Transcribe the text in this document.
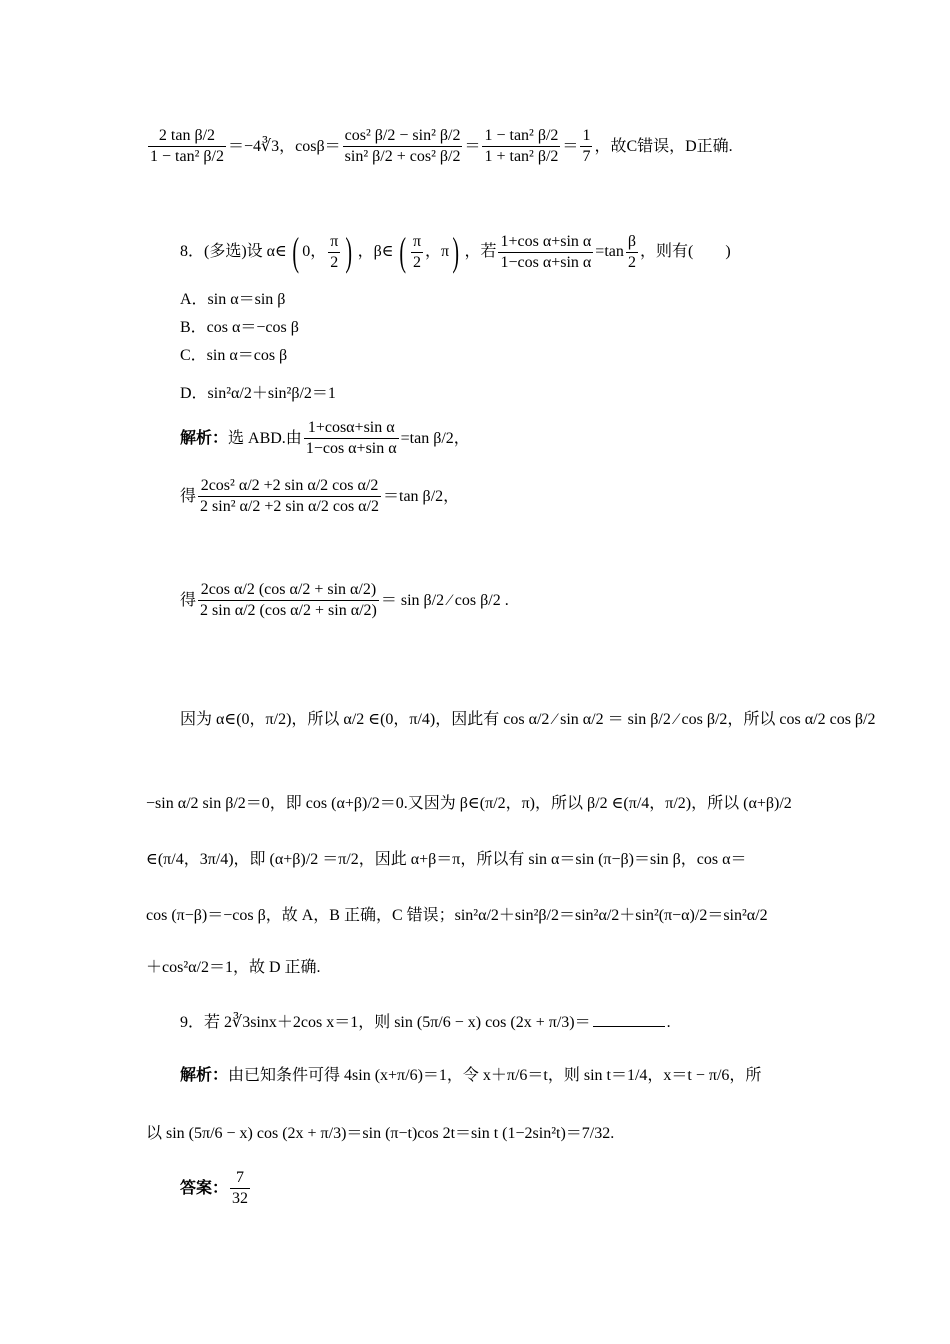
$\frac{\text{2 tan β/2}}{\text{1 − tan² β/2}}$ ＝−4∛3，$\cos\beta= \frac{\text{cos² β/2 − sin² β/2}}{\text{sin² β/2 + cos² β/2}} = \frac{\text{1 − tan² β/2}}{\text{1 + tan² β/2}} = \frac{1}{7}$ ，故C错误，D正确.
8．(多选)设 α∈ ( 0， $\frac{\pi}{2}$ ) ，β∈ ( $\frac{\pi}{2}$ ，π ) ，若 $\frac{\text{1+cos α+sin α}}{\text{1−cos α+sin α}} =\tan \frac{\beta}{2}$ ，则有(　　)
A．sin α＝sin β
B．cos α＝−cos β
C．sin α＝cos β
D．sin²α/2＋sin²β/2＝1
解析： 选 ABD.由 $\frac{\text{1+cosα+sin α}}{\text{1−cos α+sin α}} =\tan$ β/2，
得 $\frac{\text{2cos² α/2 +2 sin α/2 cos α/2}}{\text{2 sin² α/2 +2 sin α/2 cos α/2}} =\tan$ β/2，
得 $\frac{\text{2cos α/2 (cos α/2 + sin α/2)}}{\text{2 sin α/2 (cos α/2 + sin α/2)}} = \sin \beta/2$ ⁄ cos β/2 .
因为 α∈(0，π/2)，所以 α/2 ∈(0，π/4)，因此有 cos α/2 ⁄ sin α/2 ＝ sin β/2 ⁄ cos β/2，所以 cos α/2 cos β/2
−sin α/2 sin β/2＝0，即 cos (α+β)/2＝0.又因为 β∈(π/2，π)，所以 β/2 ∈(π/4，π/2)，所以 (α+β)/2
∈(π/4，3π/4)，即 (α+β)/2 ＝π/2，因此 α+β＝π，所以有 sin α＝sin (π−β)＝sin β，cos α＝
cos (π−β)＝−cos β，故 A，B 正确，C 错误；sin²α/2＋sin²β/2＝sin²α/2＋sin²(π−α)/2＝sin²α/2
＋cos²α/2＝1，故 D 正确.
9．若 2∛3sinx＋2cos x＝1，则 sin (5π/6 − x) cos (2x + π/3)＝	.
解析：由已知条件可得 4sin (x+π/6)＝1，令 x＋π/6＝t，则 sin t＝1/4，x＝t − π/6，所
以 sin (5π/6 − x) cos (2x + π/3)＝sin (π−t)cos 2t＝sin t (1−2sin²t)＝7/32.
答案： $\frac{7}{32}$
